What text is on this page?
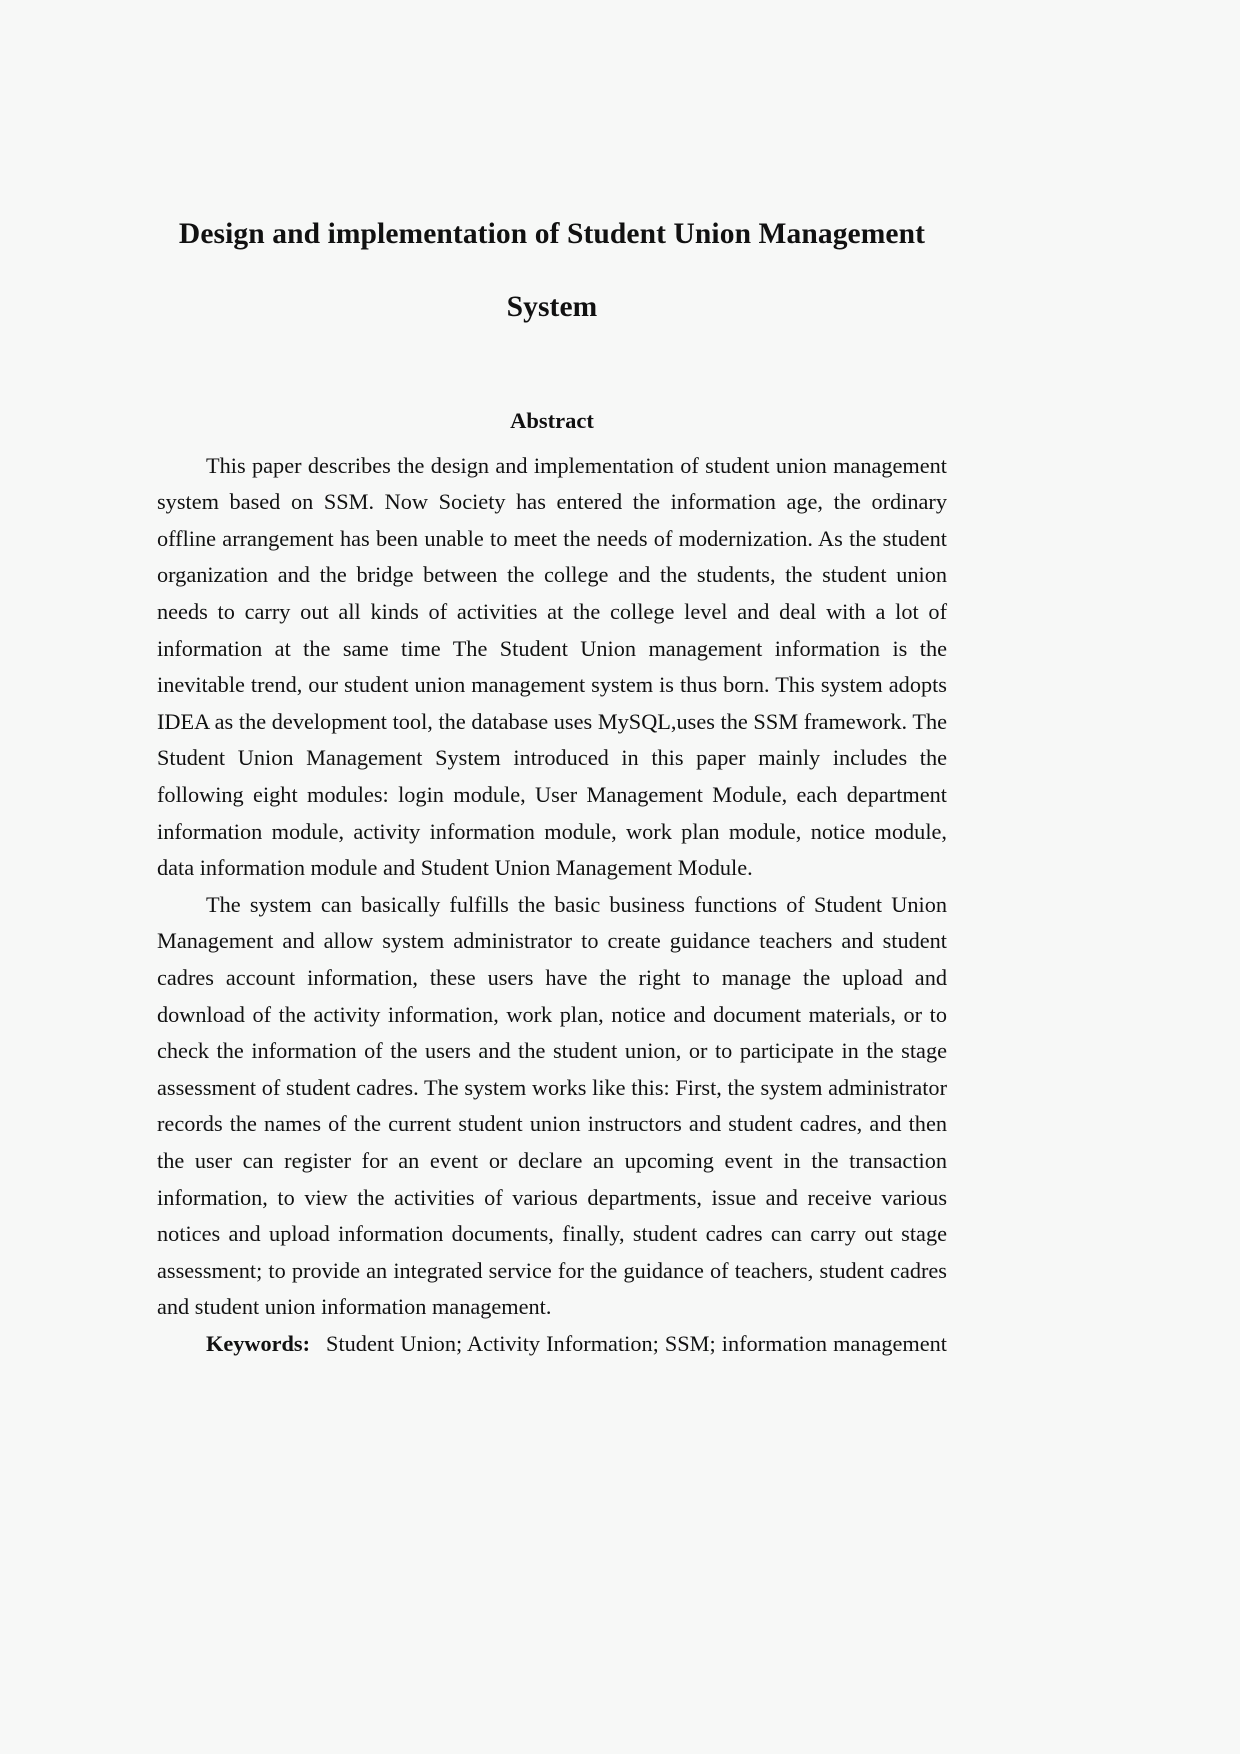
Design and implementation of Student Union Management
System
Abstract

This paper describes the design and implementation of student union management system based on SSM. Now Society has entered the information age, the ordinary offline arrangement has been unable to meet the needs of modernization. As the student organization and the bridge between the college and the students, the student union needs to carry out all kinds of activities at the college level and deal with a lot of information at the same time The Student Union management information is the inevitable trend, our student union management system is thus born. This system adopts IDEA as the development tool, the database uses MySQL,uses the SSM framework. The Student Union Management System introduced in this paper mainly includes the following eight modules: login module, User Management Module, each department information module, activity information module, work plan module, notice module, data information module and Student Union Management Module.

The system can basically fulfills the basic business functions of Student Union Management and allow system administrator to create guidance teachers and student cadres account information, these users have the right to manage the upload and download of the activity information, work plan, notice and document materials, or to check the information of the users and the student union, or to participate in the stage assessment of student cadres. The system works like this: First, the system administrator records the names of the current student union instructors and student cadres, and then the user can register for an event or declare an upcoming event in the transaction information, to view the activities of various departments, issue and receive various notices and upload information documents, finally, student cadres can carry out stage assessment; to provide an integrated service for the guidance of teachers, student cadres and student union information management.

Keywords: Student Union; Activity Information; SSM; information management
